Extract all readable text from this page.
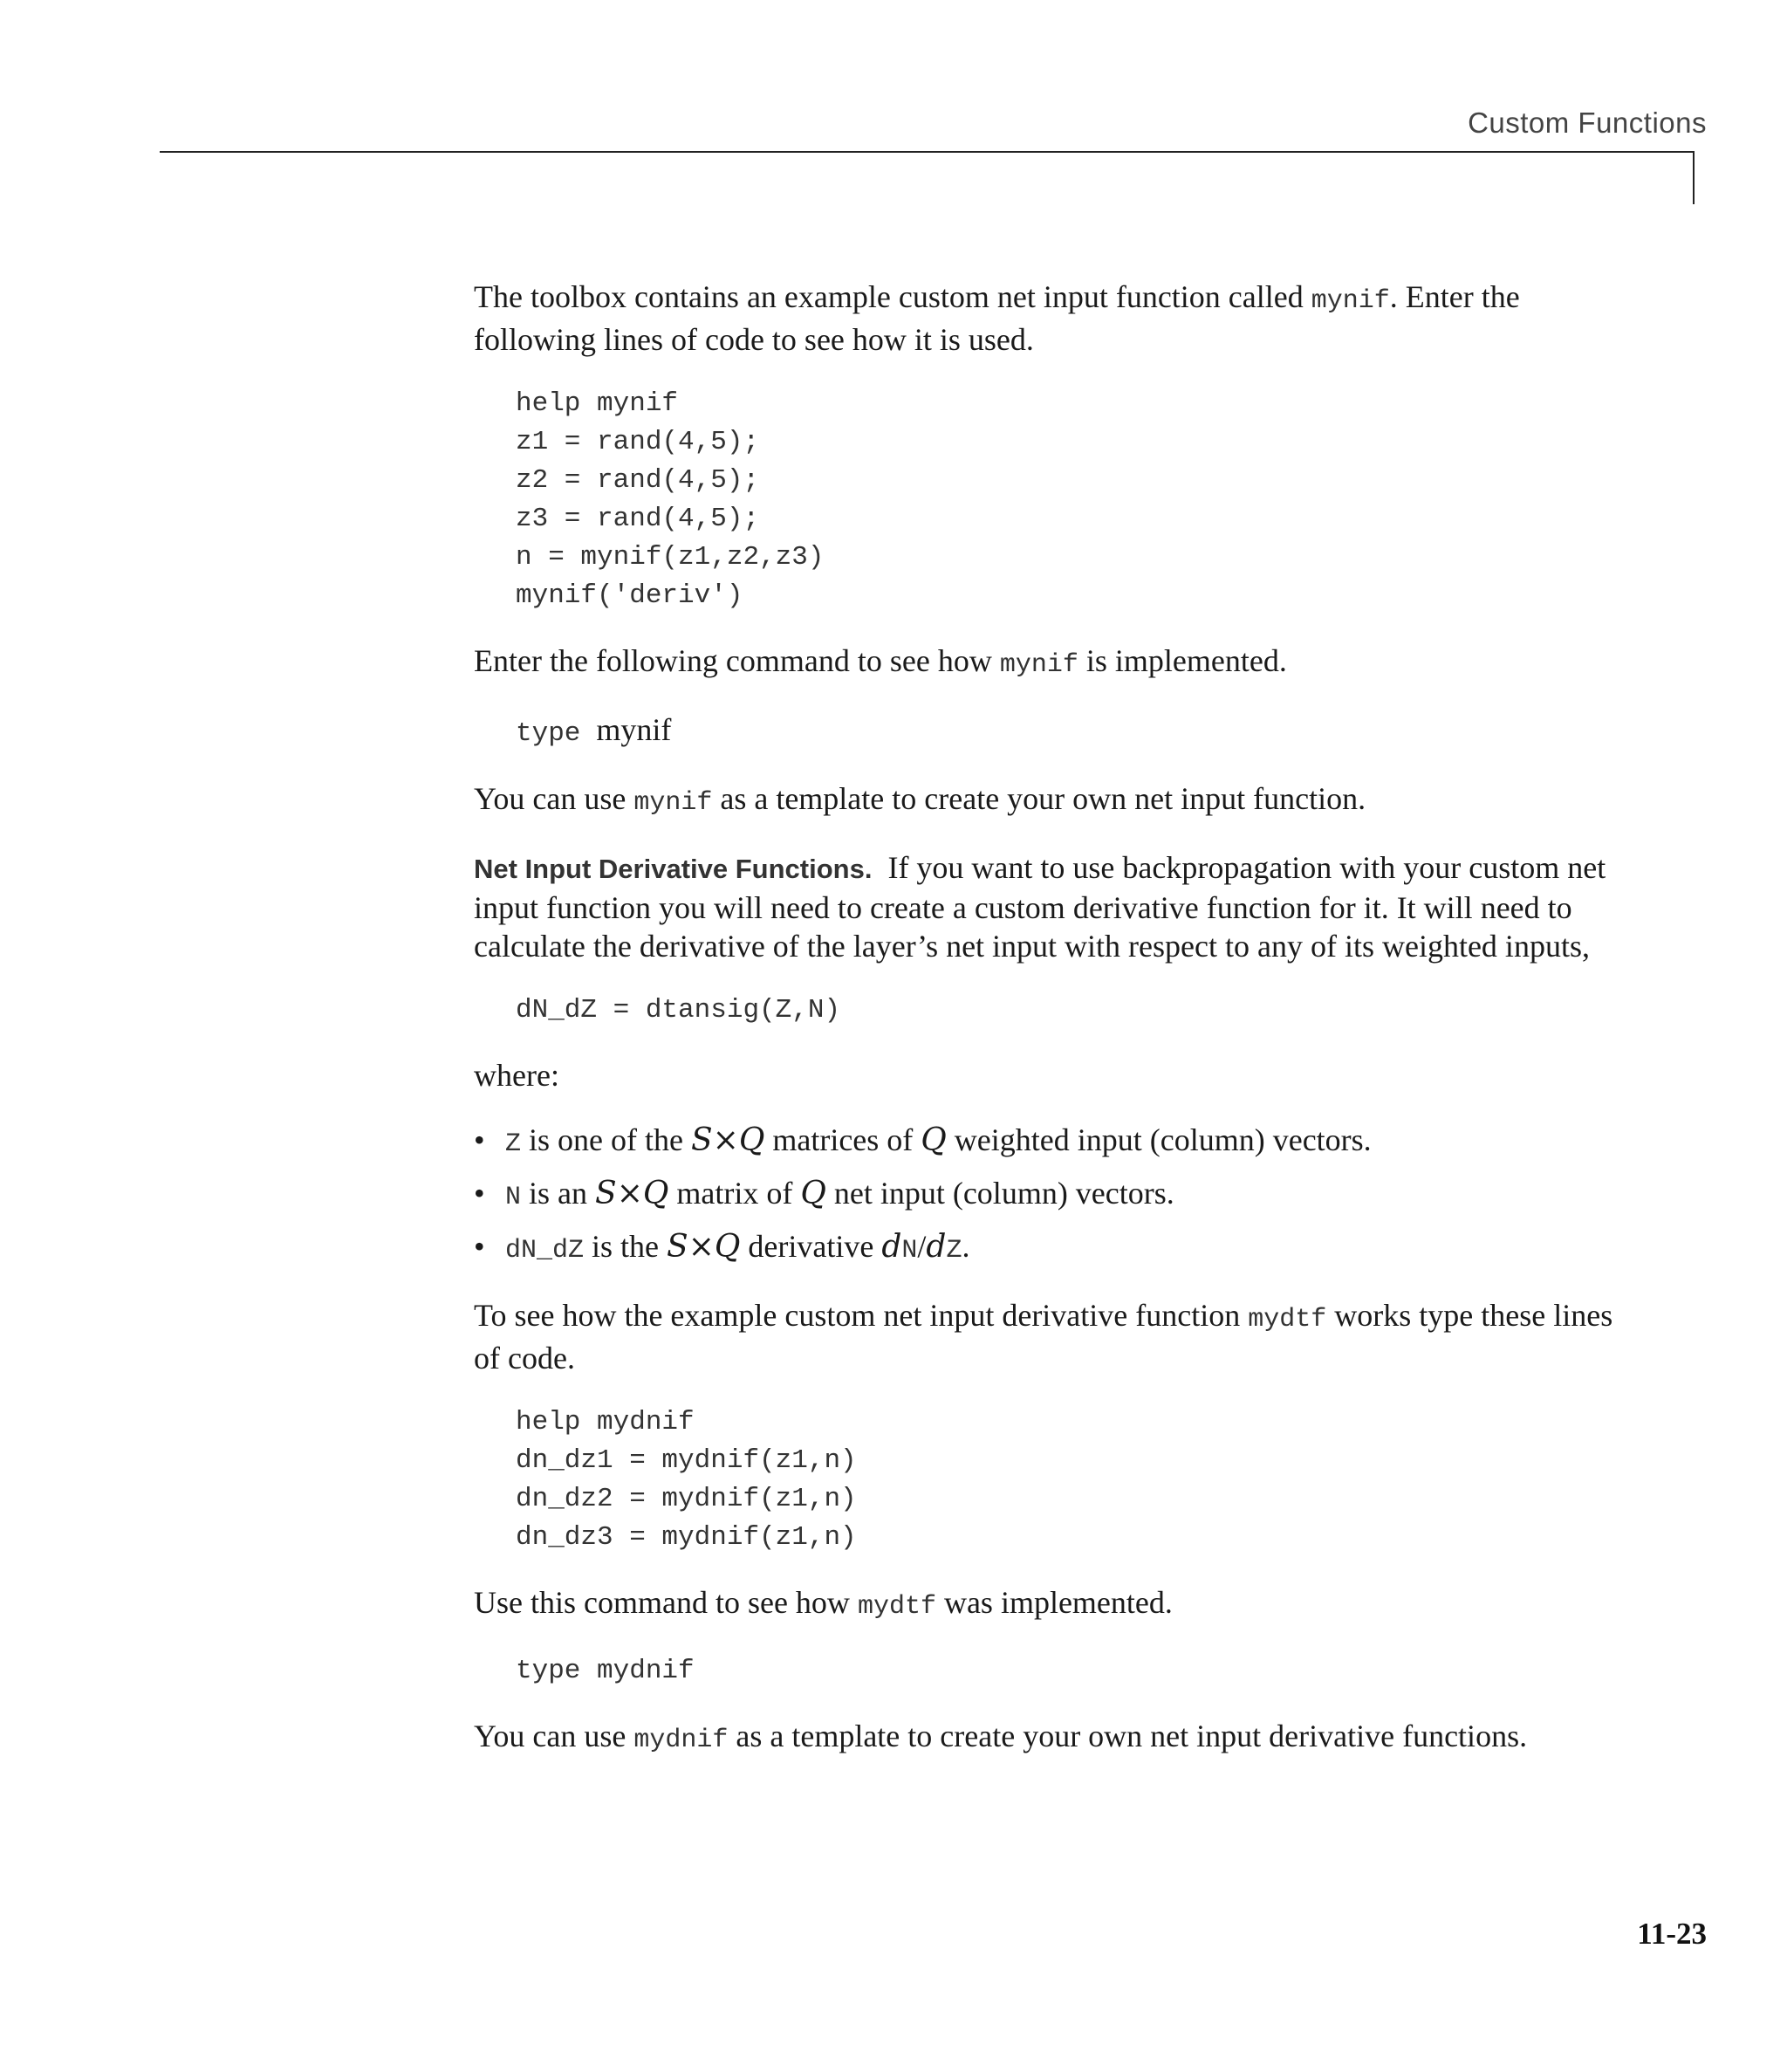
Custom Functions

The toolbox contains an example custom net input function called mynif. Enter the following lines of code to see how it is used.

help mynif
z1 = rand(4,5);
z2 = rand(4,5);
z3 = rand(4,5);
n = mynif(z1,z2,z3)
mynif('deriv')

Enter the following command to see how mynif is implemented.

type mynif

You can use mynif as a template to create your own net input function.

Net Input Derivative Functions. If you want to use backpropagation with your custom net input function you will need to create a custom derivative function for it. It will need to calculate the derivative of the layer’s net input with respect to any of its weighted inputs,

dN_dZ = dtansig(Z,N)

where:

• Z is one of the S×Q matrices of Q weighted input (column) vectors.
• N is an S×Q matrix of Q net input (column) vectors.
• dN_dZ is the S×Q derivative dN/dZ.

To see how the example custom net input derivative function mydtf works type these lines of code.

help mydnif
dn_dz1 = mydnif(z1,n)
dn_dz2 = mydnif(z1,n)
dn_dz3 = mydnif(z1,n)

Use this command to see how mydtf was implemented.

type mydnif

You can use mydnif as a template to create your own net input derivative functions.

11-23
